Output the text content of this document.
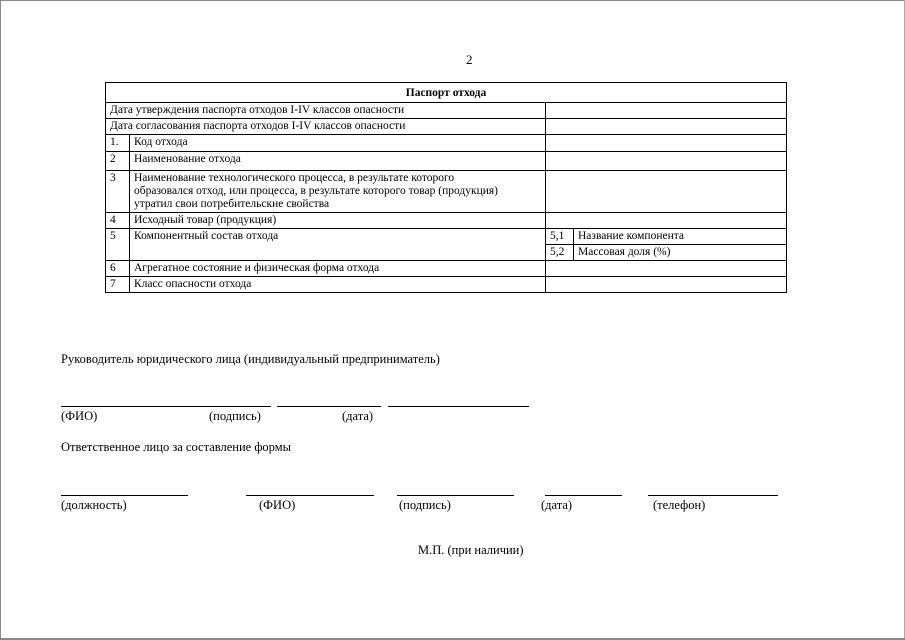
2
Паспорт отхода			
Дата утверждения паспорта отходов I-IV классов опасности			
Дата согласования паспорта отходов I-IV классов опасности			
1.	Код отхода		
2	Наименование отхода		
3	Наименование технологического процесса, в результате которого образовался отход, или процесса, в результате которого товар (продукция) утратил свои потребительские свойства		
4	Исходный товар (продукция)		
5	Компонентный состав отхода	5,1	Название компонента
		5,2	Массовая доля (%)
6	Агрегатное состояние и физическая форма отхода		
7	Класс опасности отхода		
Руководитель юридического лица (индивидуальный предприниматель)
(ФИО)	(подпись)	(дата)
Ответственное лицо за составление формы
(должность)	(ФИО)	(подпись)	(дата)	(телефон)
М.П. (при наличии)
